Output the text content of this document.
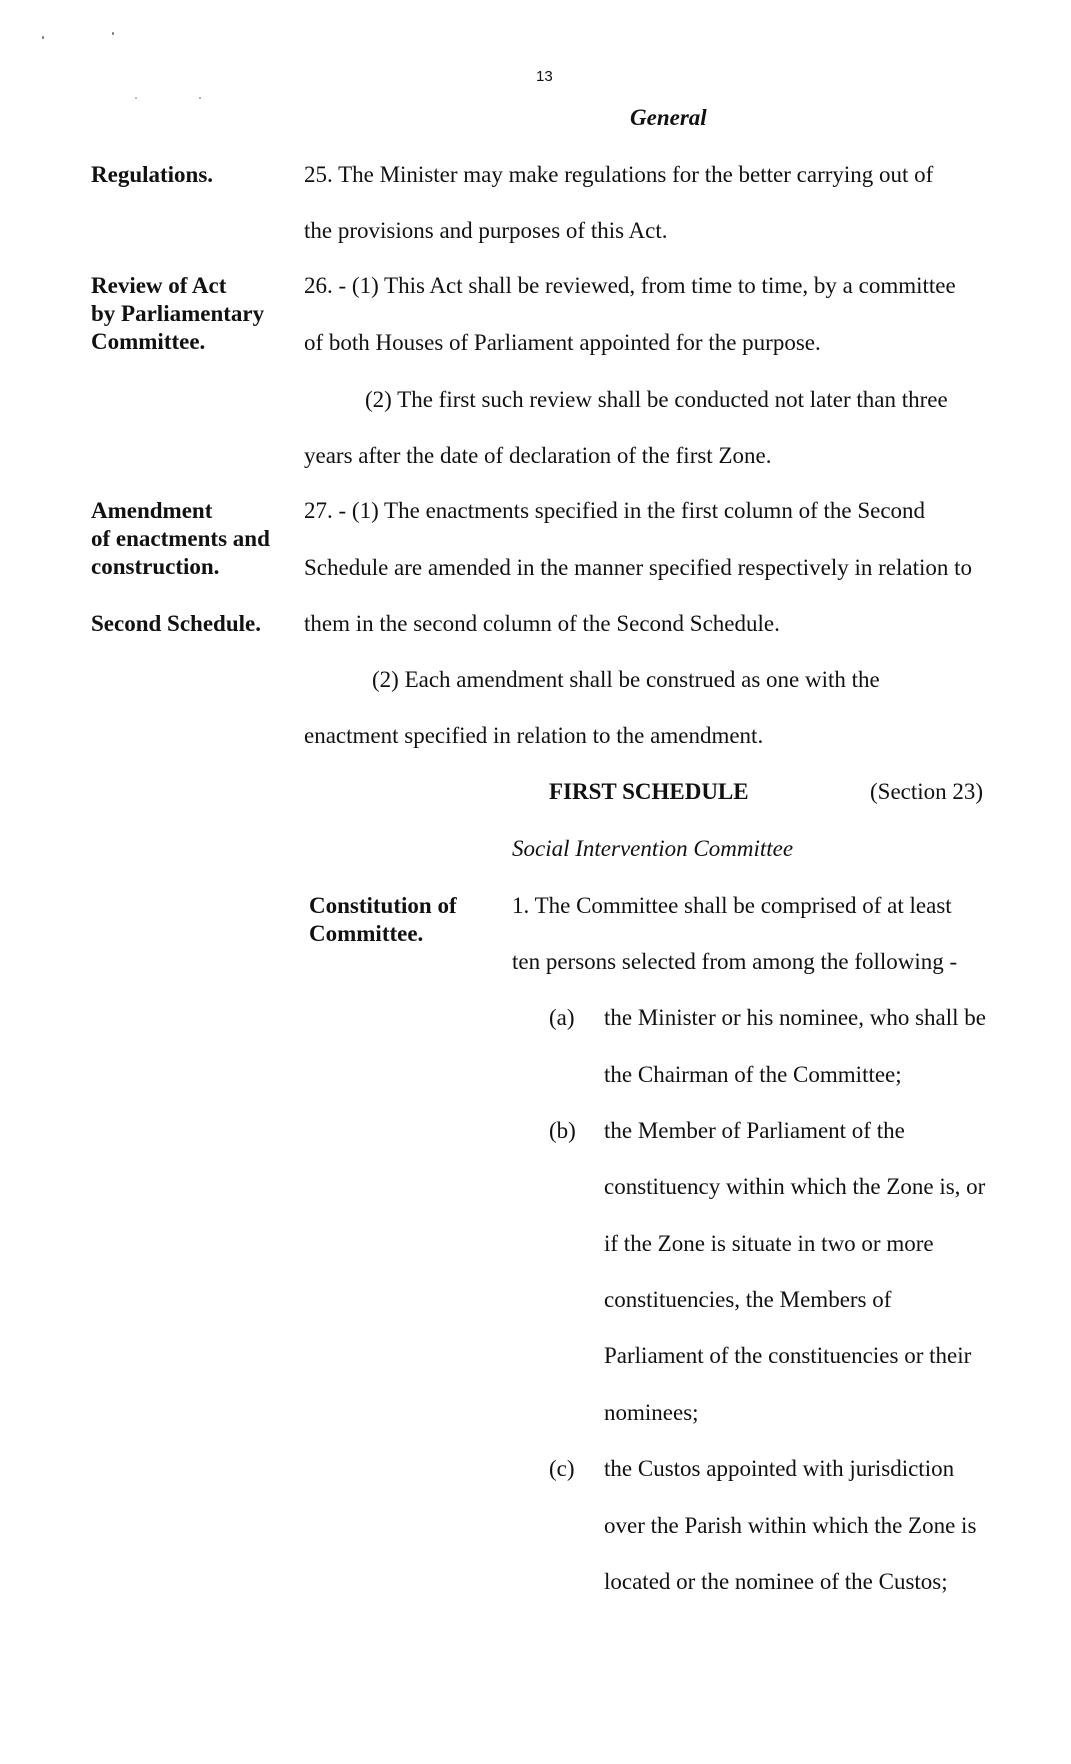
13
General
Regulations.
Review of Act
by Parliamentary
Committee.
Amendment
of enactments and
construction.
Second Schedule.
Constitution of
Committee.
25. The Minister may make regulations for the better carrying out of
the provisions and purposes of this Act.
26. - (1) This Act shall be reviewed, from time to time, by a committee
of both Houses of Parliament appointed for the purpose.
(2) The first such review shall be conducted not later than three
years after the date of declaration of the first Zone.
27. - (1) The enactments specified in the first column of the Second
Schedule are amended in the manner specified respectively in relation to
them in the second column of the Second Schedule.
(2) Each amendment shall be construed as one with the
enactment specified in relation to the amendment.
FIRST SCHEDULE	(Section 23)
Social Intervention Committee
1. The Committee shall be comprised of at least
ten persons selected from among the following -
(a) the Minister or his nominee, who shall be
the Chairman of the Committee;
(b) the Member of Parliament of the
constituency within which the Zone is, or
if the Zone is situate in two or more
constituencies, the Members of
Parliament of the constituencies or their
nominees;
(c) the Custos appointed with jurisdiction
over the Parish within which the Zone is
located or the nominee of the Custos;
